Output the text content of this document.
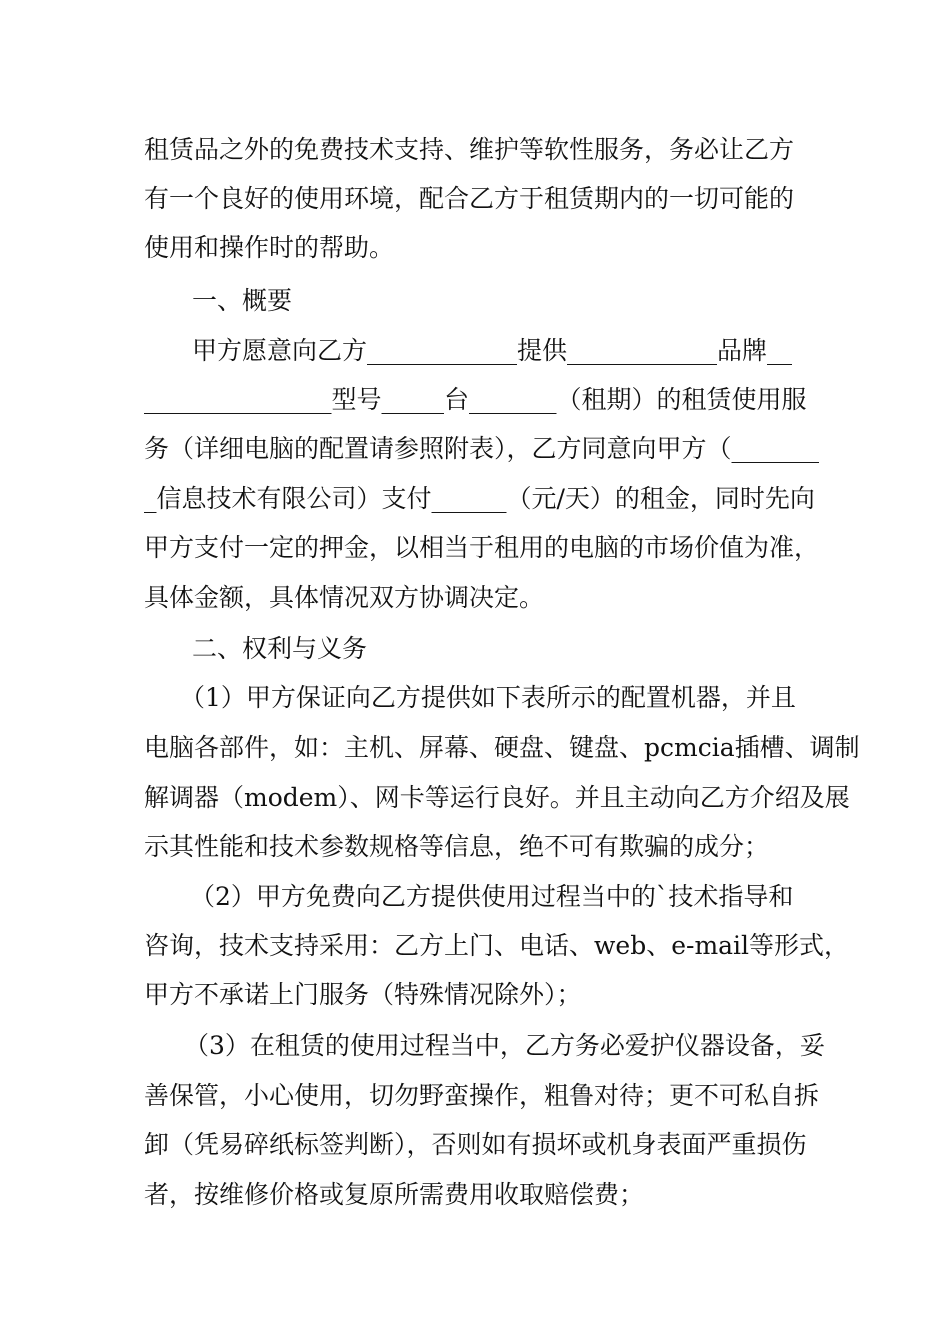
租赁品之外的免费技术支持、维护等软性服务，务必让乙方
有一个良好的使用环境，配合乙方于租赁期内的一切可能的
使用和操作时的帮助。
一、概要
甲方愿意向乙方____________提供____________品牌__
_______________型号_____台_______（租期）的租赁使用服
务（详细电脑的配置请参照附表），乙方同意向甲方（_______
_信息技术有限公司）支付______（元/天）的租金，同时先向
甲方支付一定的押金，以相当于租用的电脑的市场价值为准，
具体金额，具体情况双方协调决定。
二、权利与义务
（1）甲方保证向乙方提供如下表所示的配置机器，并且
电脑各部件，如：主机、屏幕、硬盘、键盘、pcmcia插槽、调制
解调器（modem）、网卡等运行良好。并且主动向乙方介绍及展
示其性能和技术参数规格等信息，绝不可有欺骗的成分；
（2）甲方免费向乙方提供使用过程当中的`技术指导和
咨询，技术支持采用：乙方上门、电话、web、e-mail等形式，
甲方不承诺上门服务（特殊情况除外）；
（3）在租赁的使用过程当中，乙方务必爱护仪器设备，妥
善保管，小心使用，切勿野蛮操作，粗鲁对待；更不可私自拆
卸（凭易碎纸标签判断），否则如有损坏或机身表面严重损伤
者，按维修价格或复原所需费用收取赔偿费；
